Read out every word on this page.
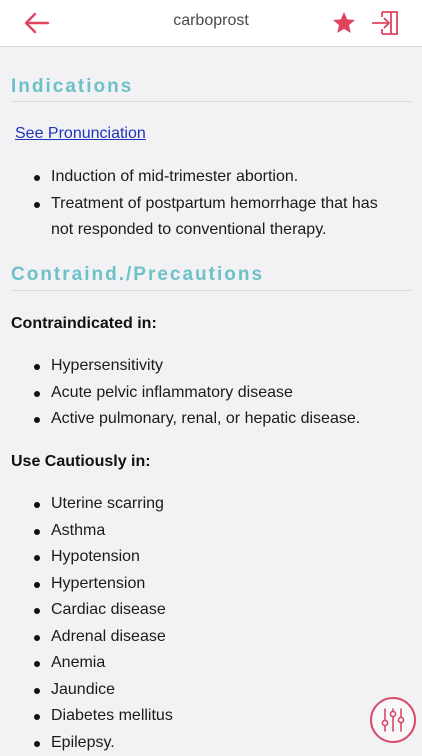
carboprost
Indications
See Pronunciation
Induction of mid-trimester abortion.
Treatment of postpartum hemorrhage that has not responded to conventional therapy.
Contraind./Precautions
Contraindicated in:
Hypersensitivity
Acute pelvic inflammatory disease
Active pulmonary, renal, or hepatic disease.
Use Cautiously in:
Uterine scarring
Asthma
Hypotension
Hypertension
Cardiac disease
Adrenal disease
Anemia
Jaundice
Diabetes mellitus
Epilepsy.
